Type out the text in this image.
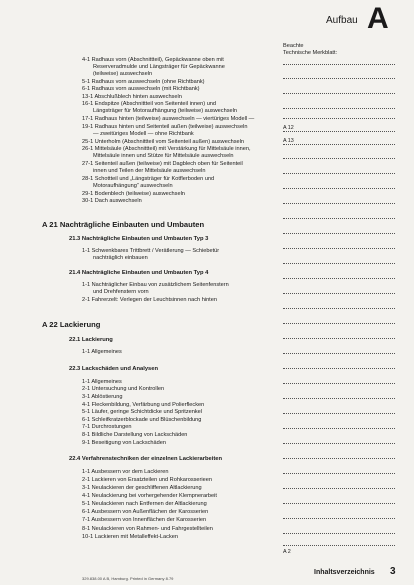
Aufbau A
Beachte
Technische Merkblatt:
A 12
A 13
A 2
4-1 Radhaus vorn (Abschnittteil), Gepäckwanne oben mit
Reserveradmulde und Längsträger für Gepäckwanne
(teilweise) auswechseln
5-1 Radhaus vorn auswechseln (ohne Richtbank)
6-1 Radhaus vorn auswechseln (mit Richtbank)
13-1 Abschlußblech hinten auswechseln
16-1 Endspitze (Abschnittteil von Seitenteil innen) und
Längsträger für Motoraufhängung (teilweise) auswechseln
17-1 Radhaus hinten (teilweise) auswechseln — viertüriges Modell —
19-1 Radhaus hinten und Seitenteil außen (teilweise) auswechseln
— zweitüriges Modell — ohne Richtbank
25-1 Unterholm (Abschnittteil vom Seitenteil außen) auswechseln
26-1 Mittelsäule (Abschnittteil) mit Verstärkung für Mittelsäule innen,
Mittelsäule innen und Stütze für Mittelsäule auswechseln
27-1 Seitenteil außen (teilweise) mit Dagblech oben für Seitenteil
innen und Teilen der Mittelsäule auswechseln
28-1 Schottteil und „Längsträger für Kotflerboden und
Motoraufhängung“ auswechseln
29-1 Bodenblech (teilweise) auswechseln
30-1 Dach auswechseln
A 21 Nachträgliche Einbauten und Umbauten
21.3 Nachträgliche Einbauten und Umbauten Typ 3
1-1 Schwenkbares Trittbrett / Verätlerung — Schiebetür
nachträglich einbauen
21.4 Nachträgliche Einbauten und Umbauten Typ 4
1-1 Nachträglicher Einbau von zusätzlichem Seitenfenstern
und Drehfenstern vorn
2-1 Fahrerzelt: Verlegen der Leuchtsinnen nach hinten
A 22 Lackierung
22.1 Lackierung
1-1 Allgemeines
22.3 Lackschäden und Analysen
1-1 Allgemeines
2-1 Untersuchung und Kontrollen
3-1 Ablöstierung
4-1 Fleckenbildung, Verfärbung und Polierflecken
5-1 Läufer, geringe Schichtdicke und Spritzenkel
6-1 Schleifkratzerblockade und Blüschenbildung
7-1 Durchrostungen
8-1 Bildliche Darstellung von Lackschäden
9-1 Beseitigung von Lackschäden
22.4 Verfahrenstechniken der einzelnen Lackierarbeiten
1-1 Ausbessern vor dem Lackieren
2-1 Lackieren von Ersatzteilen und Rohkarosserieen
3-1 Neulackieren der geschliffenen Altlackierung
4-1 Neulackierung bei vorhergehender Klempnerarbeit
5-1 Neulackieren nach Entfernen der Altlackierung
6-1 Ausbessern von Außenflächen der Karosserien
7-1 Ausbessern von Innenflächen der Karosserien
8-1 Neulackieren von Rahmen- und Fahrgestellteilen
10-1 Lackieren mit Metalleffekt-Lacken
329.838.00 A B, Hamburg. Printed in Germany 8.79
Inhaltsverzeichnis 3
